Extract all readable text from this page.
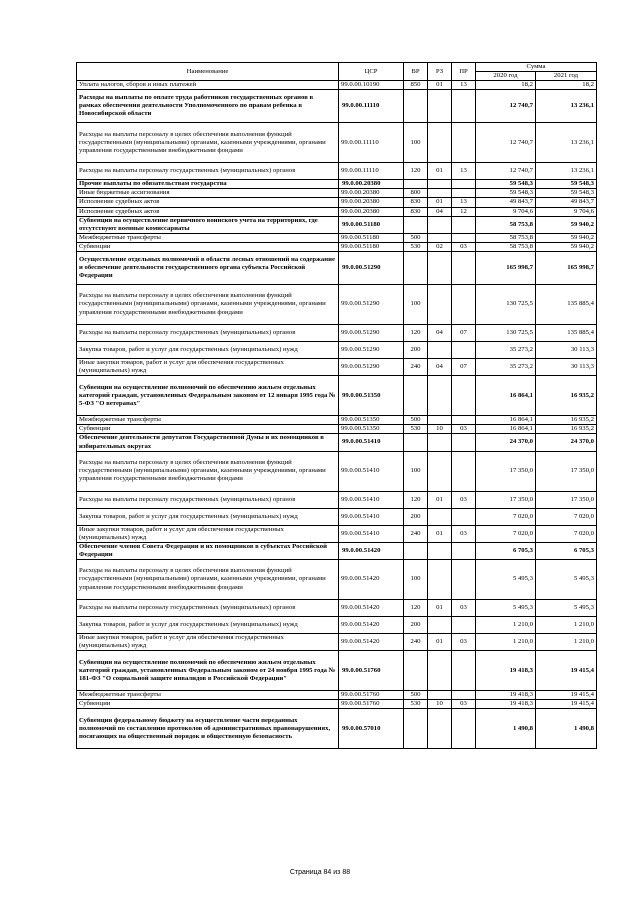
Наименование	ЦСР	ВР	РЗ	ПР	Сумма	
					2020 год	2021 год
Уплата налогов, сборов и иных платежей	99.0.00.10190	850	01	13	18,2	18,2
Расходы на выплаты по оплате труда работников государственных органов в рамках обеспечения деятельности Уполномоченного по правам ребенка в Новосибирской области	99.0.00.11110				12 740,7	13 236,1
Расходы на выплаты персоналу в целях обеспечения выполнения функций государственными (муниципальными) органами, казенными учреждениями, органами управления государственными внебюджетными фондами	99.0.00.11110	100			12 740,7	13 236,1
Расходы на выплаты персоналу государственных (муниципальных) органов	99.0.00.11110	120	01	13	12 740,7	13 236,1
Прочие выплаты по обязательствам государства	99.0.00.20380				59 548,3	59 548,3
Иные бюджетные ассигнования	99.0.00.20380	800			59 548,3	59 548,3
Исполнение судебных актов	99.0.00.20380	830	01	13	49 843,7	49 843,7
Исполнение судебных актов	99.0.00.20380	830	04	12	9 704,6	9 704,6
Субвенции на осуществление первичного воинского учета на территориях, где отсутствуют военные комиссариаты	99.0.00.51180				58 753,8	59 940,2
Межбюджетные трансферты	99.0.00.51180	500			58 753,8	59 940,2
Субвенции	99.0.00.51180	530	02	03	58 753,8	59 940,2
Осуществление отдельных полномочий в области лесных отношений на содержание и обеспечение деятельности государственного органа субъекта Российской Федерации	99.0.00.51290				165 998,7	165 998,7
Расходы на выплаты персоналу в целях обеспечения выполнения функций государственными (муниципальными) органами, казенными учреждениями, органами управления государственными внебюджетными фондами	99.0.00.51290	100			130 725,5	135 885,4
Расходы на выплаты персоналу государственных (муниципальных) органов	99.0.00.51290	120	04	07	130 725,5	135 885,4
Закупка товаров, работ и услуг для государственных (муниципальных) нужд	99.0.00.51290	200			35 273,2	30 113,3
Иные закупки товаров, работ и услуг для обеспечения государственных (муниципальных) нужд	99.0.00.51290	240	04	07	35 273,2	30 113,3
Субвенции на осуществление полномочий по обеспечению жильем отдельных категорий граждан, установленных Федеральным законом от 12 января 1995 года № 5-ФЗ "О ветеранах"	99.0.00.51350				16 864,1	16 935,2
Межбюджетные трансферты	99.0.00.51350	500			16 864,1	16 935,2
Субвенции	99.0.00.51350	530	10	03	16 864,1	16 935,2
Обеспечение деятельности депутатов Государственной Думы и их помощников в избирательных округах	99.0.00.51410				24 370,0	24 370,0
Расходы на выплаты персоналу в целях обеспечения выполнения функций государственными (муниципальными) органами, казенными учреждениями, органами управления государственными внебюджетными фондами	99.0.00.51410	100			17 350,0	17 350,0
Расходы на выплаты персоналу государственных (муниципальных) органов	99.0.00.51410	120	01	03	17 350,0	17 350,0
Закупка товаров, работ и услуг для государственных (муниципальных) нужд	99.0.00.51410	200			7 020,0	7 020,0
Иные закупки товаров, работ и услуг для обеспечения государственных (муниципальных) нужд	99.0.00.51410	240	01	03	7 020,0	7 020,0
Обеспечение членов Совета Федерации и их помощников в субъектах Российской Федерации	99.0.00.51420				6 705,3	6 705,3
Расходы на выплаты персоналу в целях обеспечения выполнения функций государственными (муниципальными) органами, казенными учреждениями, органами управления государственными внебюджетными фондами	99.0.00.51420	100			5 495,3	5 495,3
Расходы на выплаты персоналу государственных (муниципальных) органов	99.0.00.51420	120	01	03	5 495,3	5 495,3
Закупка товаров, работ и услуг для государственных (муниципальных) нужд	99.0.00.51420	200			1 210,0	1 210,0
Иные закупки товаров, работ и услуг для обеспечения государственных (муниципальных) нужд	99.0.00.51420	240	01	03	1 210,0	1 210,0
Субвенции на осуществление полномочий по обеспечению жильем отдельных категорий граждан, установленных Федеральным законом от 24 ноября 1995 года № 181-ФЗ "О социальной защите инвалидов в Российской Федерации"	99.0.00.51760				19 418,3	19 415,4
Межбюджетные трансферты	99.0.00.51760	500			19 418,3	19 415,4
Субвенции	99.0.00.51760	530	10	03	19 418,3	19 415,4
Субвенции федеральному бюджету на осуществление части переданных полномочий по составлению протоколов об административных правонарушениях, посягающих на общественный порядок и общественную безопасность	99.0.00.57010				1 490,8	1 490,8
Страница 84 из 88
